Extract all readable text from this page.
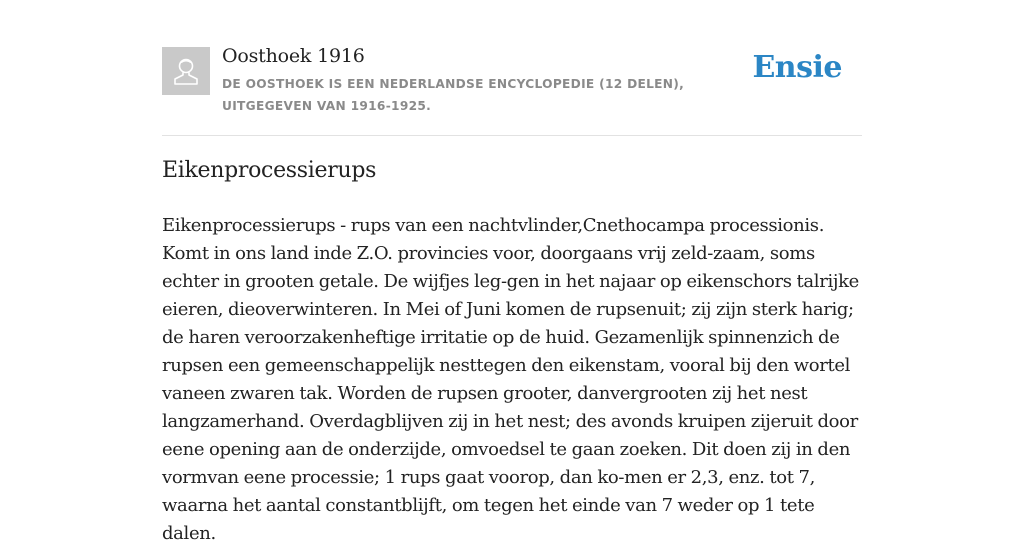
Oosthoek 1916
DE OOSTHOEK IS EEN NEDERLANDSE ENCYCLOPEDIE (12 DELEN), UITGEGEVEN VAN 1916-1925.
Ensie
Eikenprocessierups

Eikenprocessierups - rups van een nachtvlinder,Cnethocampa processionis. Komt in ons land inde Z.O. provincies voor, doorgaans vrij zeld-zaam, soms echter in grooten getale. De wijfjes leg-gen in het najaar op eikenschors talrijke eieren, dieoverwinteren. In Mei of Juni komen de rupsenuit; zij zijn sterk harig; de haren veroorzakenheftige irritatie op de huid. Gezamenlijk spinnenzich de rupsen een gemeenschappelijk nesttegen den eikenstam, vooral bij den wortel vaneen zwaren tak. Worden de rupsen grooter, danvergrooten zij het nest langzamerhand. Overdagblijven zij in het nest; des avonds kruipen zijeruit door eene opening aan de onderzijde, omvoedsel te gaan zoeken. Dit doen zij in den vormvan eene processie; 1 rups gaat voorop, dan ko-men er 2,3, enz. tot 7, waarna het aantal constantblijft, om tegen het einde van 7 weder op 1 tete dalen.
